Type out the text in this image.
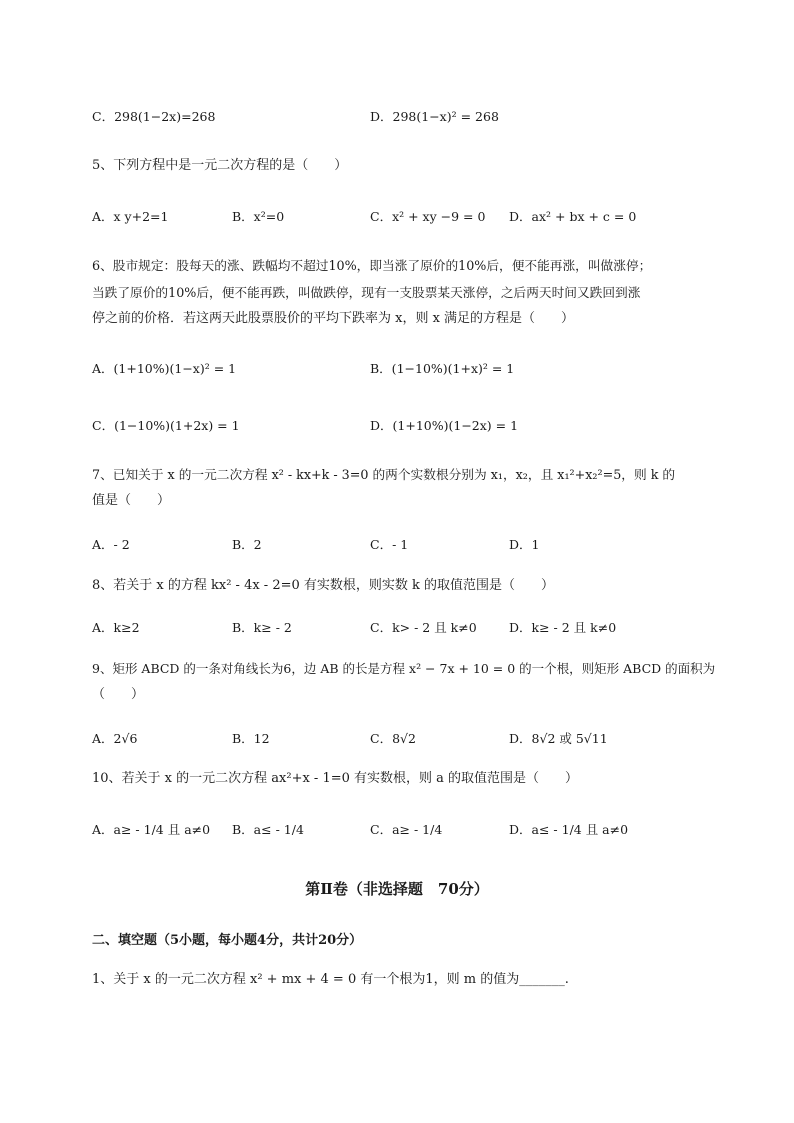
C．298(1−2x)=268	D．298(1−x)² = 268
5、下列方程中是一元二次方程的是（　　）
A．x y+2=1	B．x²=0	C．x² + xy −9 = 0 D．ax² + bx + c = 0
6、股市规定：股每天的涨、跌幅均不超过10%，即当涨了原价的10%后，便不能再涨，叫做涨停；
当跌了原价的10%后，便不能再跌，叫做跌停，现有一支股票某天涨停，之后两天时间又跌回到涨
停之前的价格．若这两天此股票股价的平均下跌率为 x，则 x 满足的方程是（　　）
A．(1+10%)(1−x)² = 1	B．(1−10%)(1+x)² = 1
C．(1−10%)(1+2x) = 1	D．(1+10%)(1−2x) = 1
7、已知关于 x 的一元二次方程 x² - kx+k - 3=0 的两个实数根分别为 x₁，x₂，且 x₁²+x₂²=5，则 k 的
值是（　　）
A．- 2	B．2	C．- 1	D．1
8、若关于 x 的方程 kx² - 4x - 2=0 有实数根，则实数 k 的取值范围是（　　）
A．k≥2	B．k≥ - 2	C．k> - 2 且 k≠0	D．k≥ - 2 且 k≠0
9、矩形 ABCD 的一条对角线长为6，边 AB 的长是方程 x² − 7x + 10 = 0 的一个根，则矩形 ABCD 的面积为
（　　）
A．2√6	B．12	C．8√2	D．8√2 或 5√11
10、若关于 x 的一元二次方程 ax²+x - 1=0 有实数根，则 a 的取值范围是（　　）
A．a≥ - 1/4 且 a≠0 B．a≤ - 1/4	C．a≥ - 1/4	D．a≤ - 1/4 且 a≠0
第Ⅱ卷（非选择题　70分）
二、填空题（5小题，每小题4分，共计20分）
1、关于 x 的一元二次方程 x² + mx + 4 = 0 有一个根为1，则 m 的值为_______.
